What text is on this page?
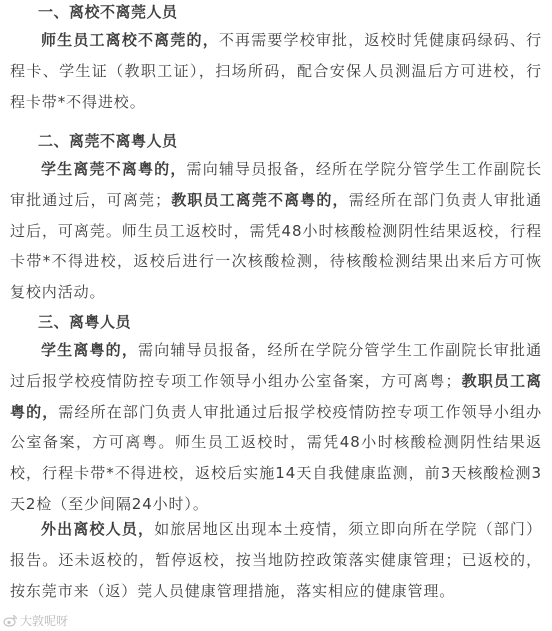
一、离校不离莞人员

师生员工离校不离莞的，不再需要学校审批，返校时凭健康码绿码、行程卡、学生证（教职工证），扫场所码，配合安保人员测温后方可进校，行程卡带*不得进校。

二、离莞不离粤人员

学生离莞不离粤的，需向辅导员报备，经所在学院分管学生工作副院长审批通过后，可离莞；教职员工离莞不离粤的，需经所在部门负责人审批通过后，可离莞。师生员工返校时，需凭48小时核酸检测阴性结果返校，行程卡带*不得进校，返校后进行一次核酸检测，待核酸检测结果出来后方可恢复校内活动。

三、离粤人员

学生离粤的，需向辅导员报备，经所在学院分管学生工作副院长审批通过后报学校疫情防控专项工作领导小组办公室备案，方可离粤；教职员工离粤的，需经所在部门负责人审批通过后报学校疫情防控专项工作领导小组办公室备案，方可离粤。师生员工返校时，需凭48小时核酸检测阴性结果返校，行程卡带*不得进校，返校后实施14天自我健康监测，前3天核酸检测3天2检（至少间隔24小时）。

外出离校人员，如旅居地区出现本土疫情，须立即向所在学院（部门）报告。还未返校的，暂停返校，按当地防控政策落实健康管理；已返校的，按东莞市来（返）莞人员健康管理措施，落实相应的健康管理。

大敦呢呀
